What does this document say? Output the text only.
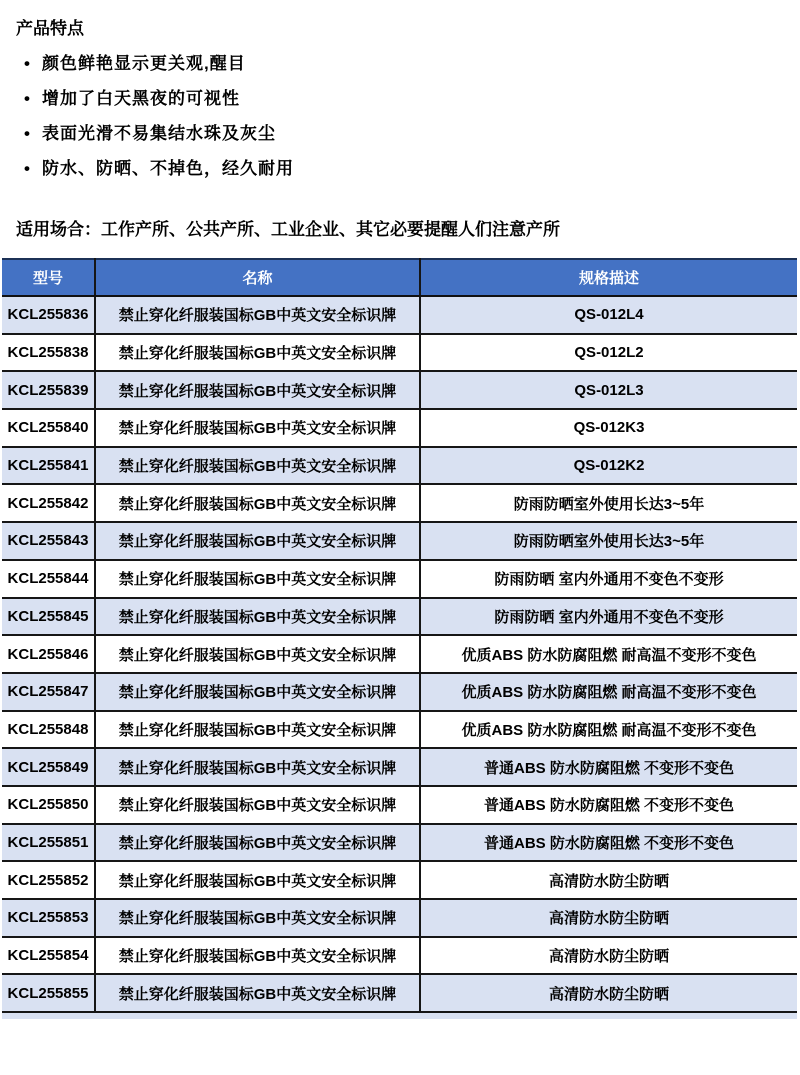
产品特点
• 颜色鲜艳显示更关观,醒目
• 增加了白天黑夜的可视性
• 表面光滑不易集结水珠及灰尘
• 防水、防晒、不掉色，经久耐用

适用场合：工作产所、公共产所、工业企业、其它必要提醒人们注意产所

型号	名称	规格描述
KCL255836	禁止穿化纤服装国标GB中英文安全标识牌	QS-012L4
KCL255838	禁止穿化纤服装国标GB中英文安全标识牌	QS-012L2
KCL255839	禁止穿化纤服装国标GB中英文安全标识牌	QS-012L3
KCL255840	禁止穿化纤服装国标GB中英文安全标识牌	QS-012K3
KCL255841	禁止穿化纤服装国标GB中英文安全标识牌	QS-012K2
KCL255842	禁止穿化纤服装国标GB中英文安全标识牌	防雨防晒室外使用长达3~5年
KCL255843	禁止穿化纤服装国标GB中英文安全标识牌	防雨防晒室外使用长达3~5年
KCL255844	禁止穿化纤服装国标GB中英文安全标识牌	防雨防晒 室内外通用不变色不变形
KCL255845	禁止穿化纤服装国标GB中英文安全标识牌	防雨防晒 室内外通用不变色不变形
KCL255846	禁止穿化纤服装国标GB中英文安全标识牌	优质ABS 防水防腐阻燃 耐高温不变形不变色
KCL255847	禁止穿化纤服装国标GB中英文安全标识牌	优质ABS 防水防腐阻燃 耐高温不变形不变色
KCL255848	禁止穿化纤服装国标GB中英文安全标识牌	优质ABS 防水防腐阻燃 耐高温不变形不变色
KCL255849	禁止穿化纤服装国标GB中英文安全标识牌	普通ABS 防水防腐阻燃 不变形不变色
KCL255850	禁止穿化纤服装国标GB中英文安全标识牌	普通ABS 防水防腐阻燃 不变形不变色
KCL255851	禁止穿化纤服装国标GB中英文安全标识牌	普通ABS 防水防腐阻燃 不变形不变色
KCL255852	禁止穿化纤服装国标GB中英文安全标识牌	高清防水防尘防晒
KCL255853	禁止穿化纤服装国标GB中英文安全标识牌	高清防水防尘防晒
KCL255854	禁止穿化纤服装国标GB中英文安全标识牌	高清防水防尘防晒
KCL255855	禁止穿化纤服装国标GB中英文安全标识牌	高清防水防尘防晒
